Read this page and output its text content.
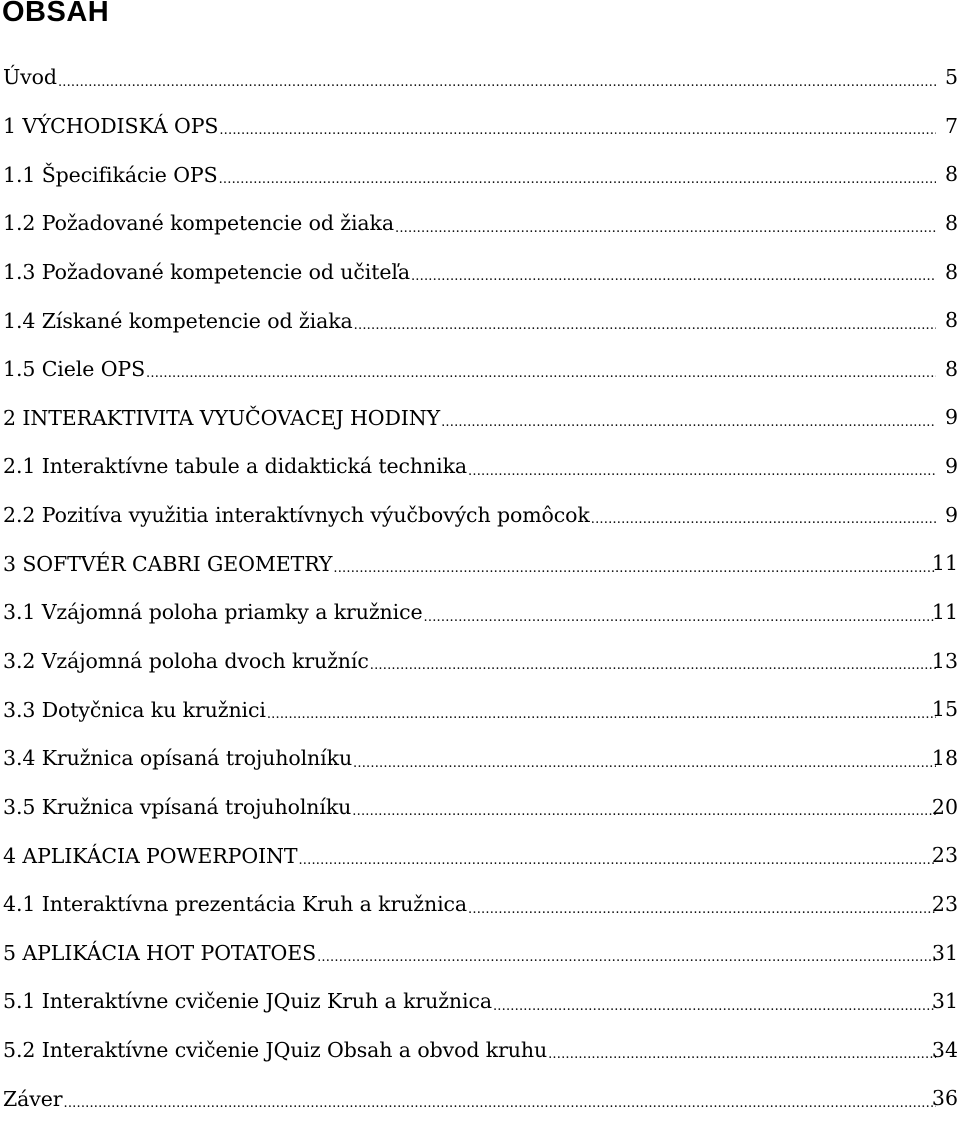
OBSAH
Úvod .....	5
1 VÝCHODISKÁ OPS .....	7
1.1 Špecifikácie OPS .....	8
1.2 Požadované kompetencie od žiaka .....	8
1.3 Požadované kompetencie od učiteľa .....	8
1.4 Získané kompetencie od žiaka .....	8
1.5 Ciele OPS .....	8
2 INTERAKTIVITA VYUČOVACEJ HODINY .....	9
2.1 Interaktívne tabule a didaktická technika .....	9
2.2 Pozitíva využitia interaktívnych výučbových pomôcok .....	9
3 SOFTVÉR CABRI GEOMETRY .....	11
3.1 Vzájomná poloha priamky a kružnice .....	11
3.2 Vzájomná poloha dvoch kružníc .....	13
3.3 Dotyčnica ku kružnici .....	15
3.4 Kružnica opísaná trojuholníku .....	18
3.5 Kružnica vpísaná trojuholníku .....	20
4 APLIKÁCIA POWERPOINT .....	23
4.1 Interaktívna prezentácia Kruh a kružnica .....	23
5 APLIKÁCIA HOT POTATOES .....	31
5.1 Interaktívne cvičenie JQuiz Kruh a kružnica .....	31
5.2 Interaktívne cvičenie JQuiz Obsah a obvod kruhu .....	34
Záver .....	36
